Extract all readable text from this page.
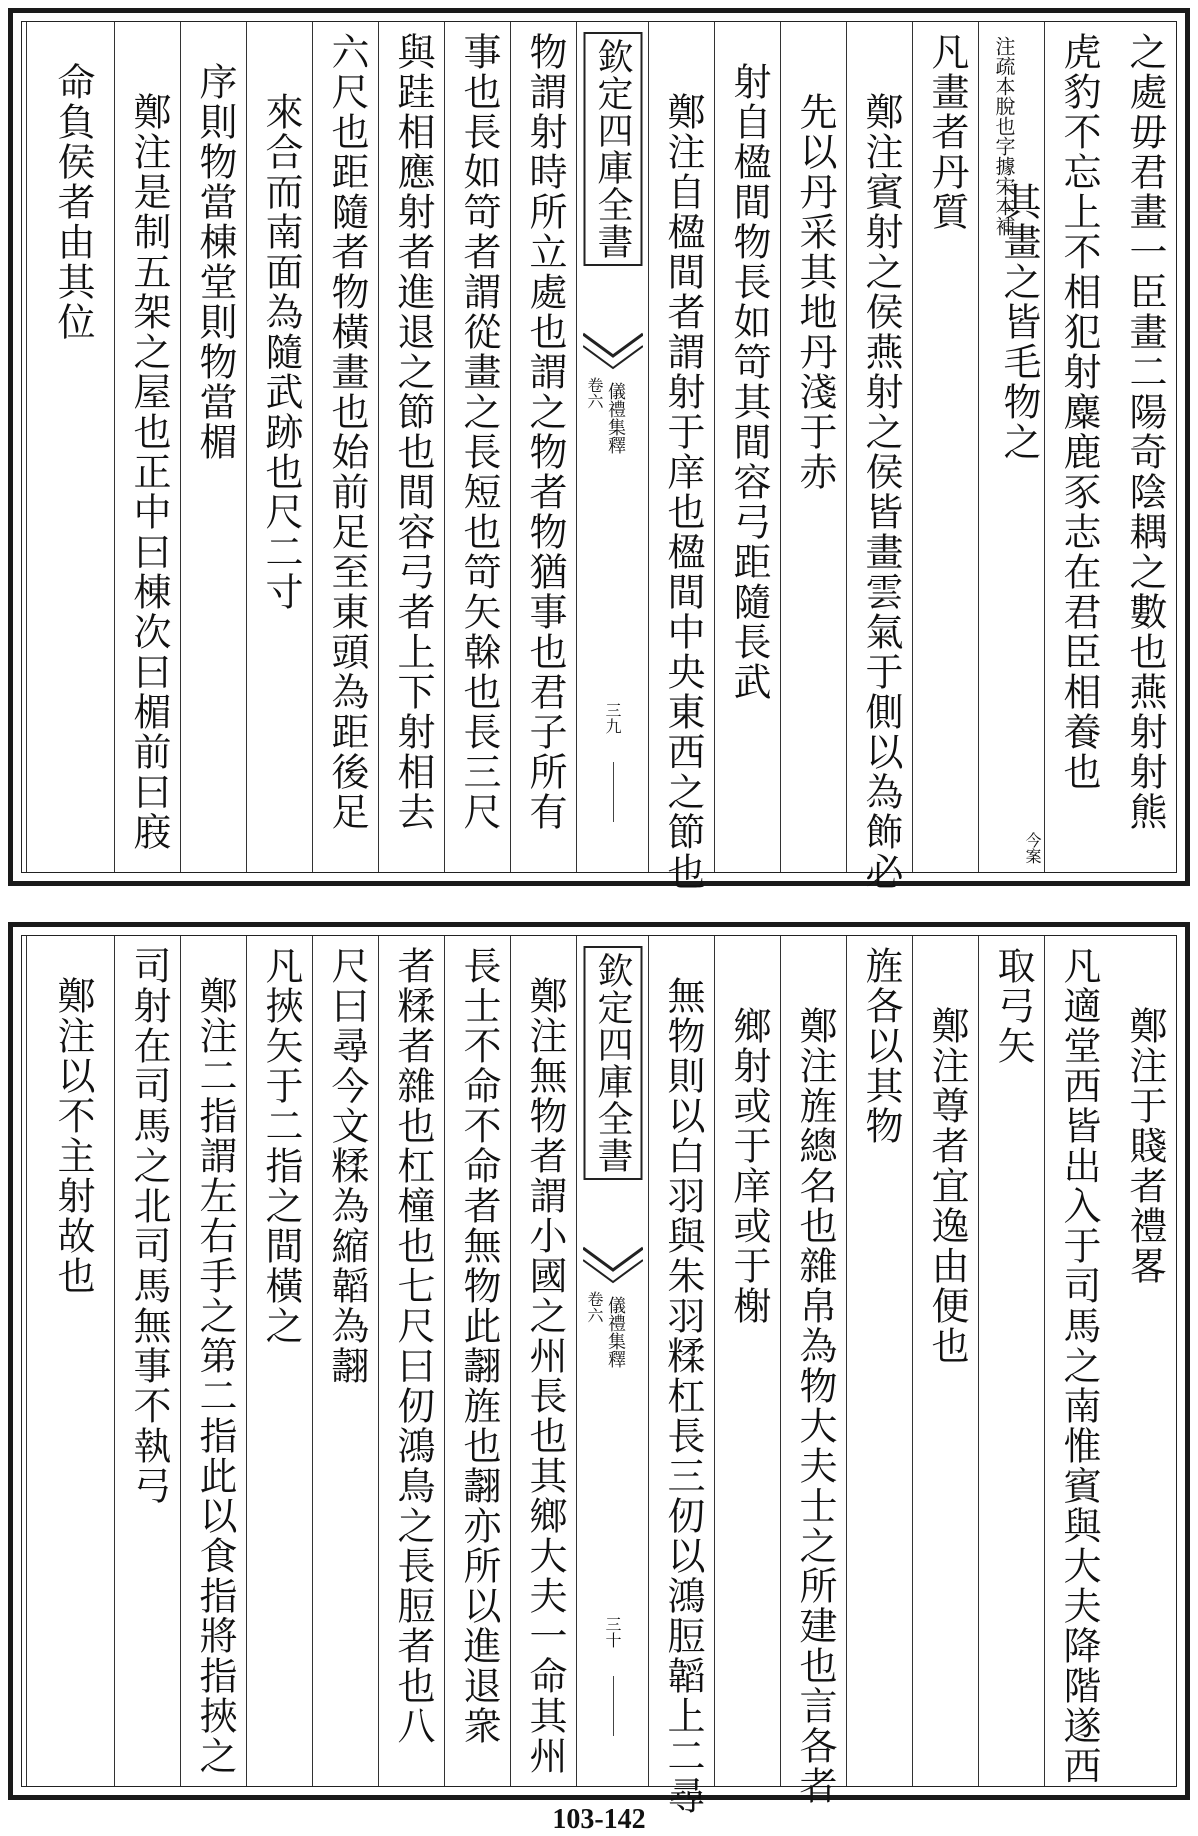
之處毋君畫一臣畫二陽奇陰耦之數也燕射射熊
虎豹不忘上不相犯射麋鹿豕志在君臣相養也
注疏本脫也字據宋本補
其畫之皆毛物之
今案
凡畫者丹質
鄭注賓射之侯燕射之侯皆畫雲氣于側以為飾必
先以丹采其地丹淺于赤
射自楹間物長如笴其間容弓距隨長武
鄭注自楹間者謂射于庠也楹間中央東西之節也
欽定四庫全書
儀禮集釋
卷六
三九
物謂射時所立處也謂之物者物猶事也君子所有
事也長如笴者謂從畫之長短也笴矢榦也長三尺
與跬相應射者進退之節也間容弓者上下射相去
六尺也距隨者物橫畫也始前足至東頭為距後足
來合而南面為隨武跡也尺二寸
序則物當棟堂則物當楣
鄭注是制五架之屋也正中曰棟次曰楣前曰庪
命負侯者由其位
鄭注于賤者禮畧
凡適堂西皆出入于司馬之南惟賓與大夫降階遂西
取弓矢
鄭注尊者宜逸由便也
旌各以其物
鄭注旌總名也雜帛為物大夫士之所建也言各者
鄉射或于庠或于榭
無物則以白羽與朱羽糅杠長三仞以鴻脰韜上二尋
欽定四庫全書
儀禮集釋
卷六
三十
鄭注無物者謂小國之州長也其鄉大夫一命其州
長士不命不命者無物此翿旌也翿亦所以進退衆
者糅者雜也杠橦也七尺曰仞鴻鳥之長脰者也八
尺曰尋今文糅為縮韜為翿
凡挾矢于二指之間橫之
鄭注二指謂左右手之第二指此以食指將指挾之
司射在司馬之北司馬無事不執弓
鄭注以不主射故也
103-142
